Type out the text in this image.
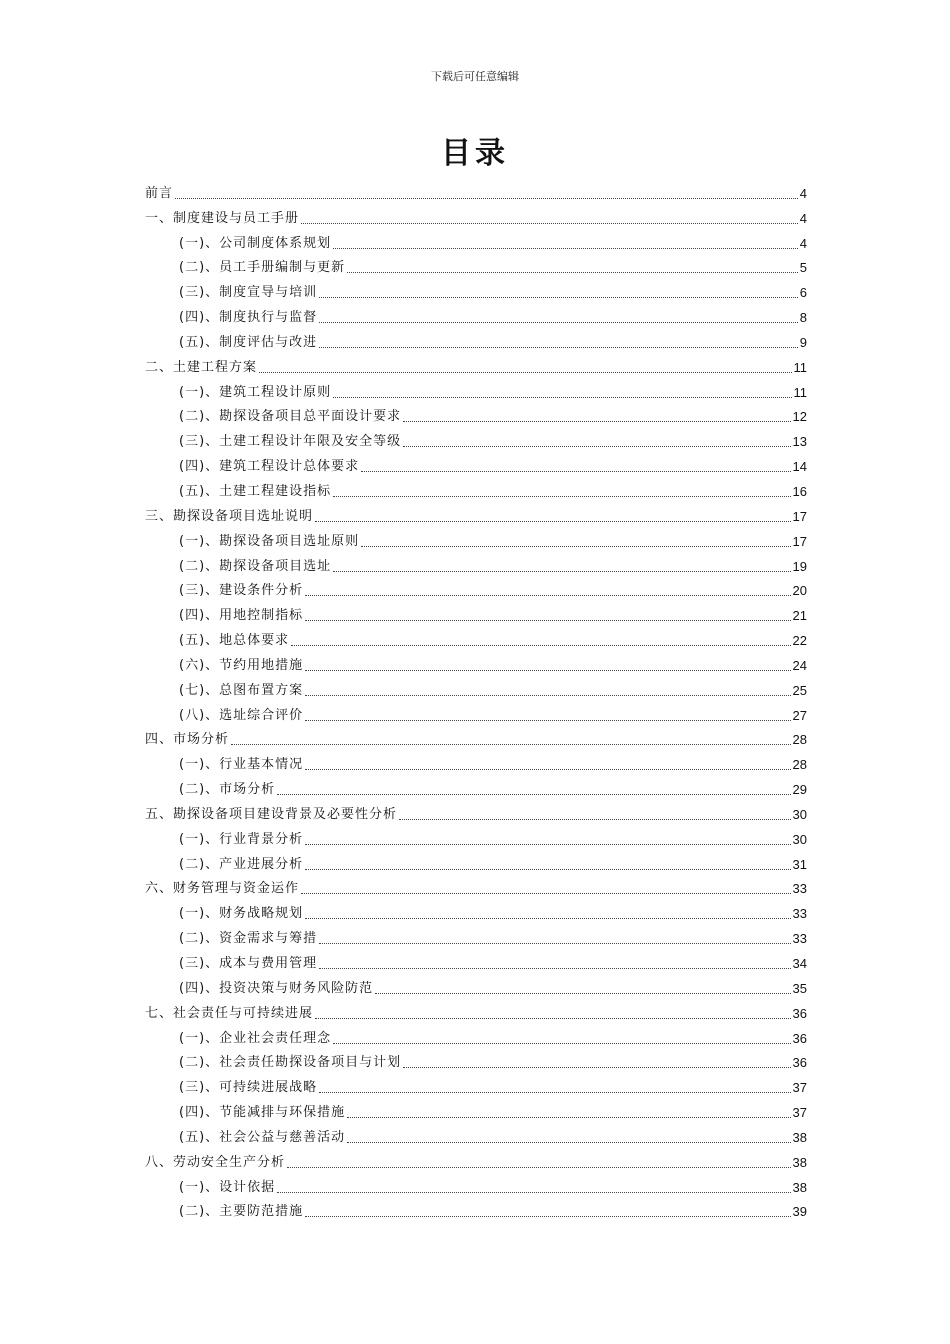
下载后可任意编辑
目录
前言	4
一、制度建设与员工手册	4
(一)、公司制度体系规划	4
(二)、员工手册编制与更新	5
(三)、制度宣导与培训	6
(四)、制度执行与监督	8
(五)、制度评估与改进	9
二、土建工程方案	11
(一)、建筑工程设计原则	11
(二)、勘探设备项目总平面设计要求	12
(三)、土建工程设计年限及安全等级	13
(四)、建筑工程设计总体要求	14
(五)、土建工程建设指标	16
三、勘探设备项目选址说明	17
(一)、勘探设备项目选址原则	17
(二)、勘探设备项目选址	19
(三)、建设条件分析	20
(四)、用地控制指标	21
(五)、地总体要求	22
(六)、节约用地措施	24
(七)、总图布置方案	25
(八)、选址综合评价	27
四、市场分析	28
(一)、行业基本情况	28
(二)、市场分析	29
五、勘探设备项目建设背景及必要性分析	30
(一)、行业背景分析	30
(二)、产业进展分析	31
六、财务管理与资金运作	33
(一)、财务战略规划	33
(二)、资金需求与筹措	33
(三)、成本与费用管理	34
(四)、投资决策与财务风险防范	35
七、社会责任与可持续进展	36
(一)、企业社会责任理念	36
(二)、社会责任勘探设备项目与计划	36
(三)、可持续进展战略	37
(四)、节能减排与环保措施	37
(五)、社会公益与慈善活动	38
八、劳动安全生产分析	38
(一)、设计依据	38
(二)、主要防范措施	39
